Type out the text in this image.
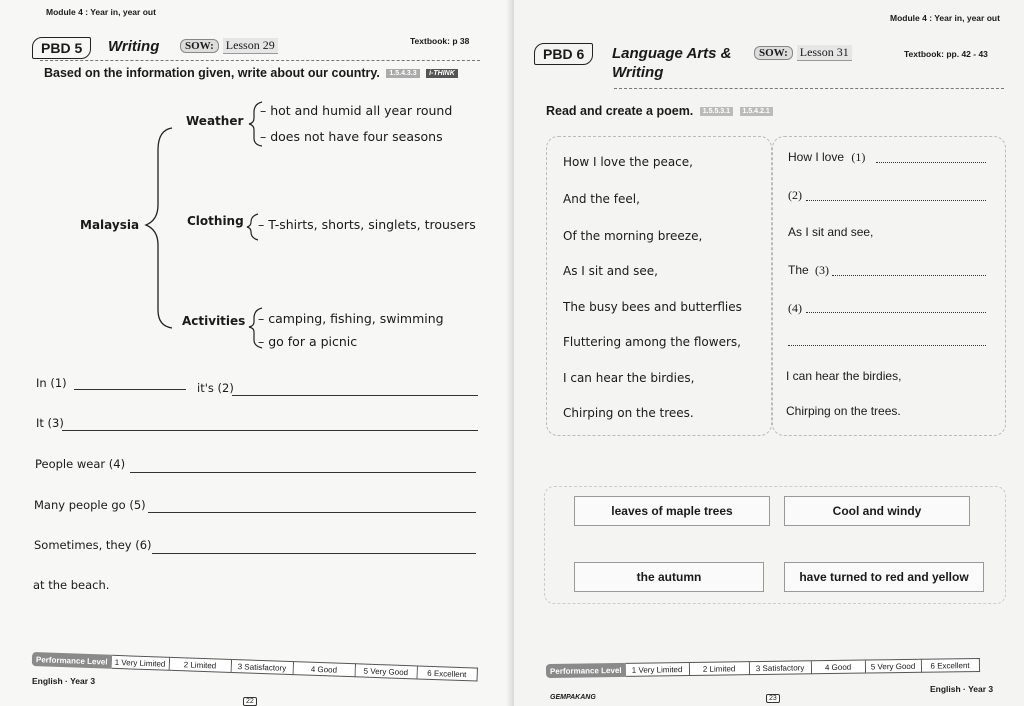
Module 4 : Year in, year out
PBD 5	Writing	SOW:	Lesson 29	Textbook: p 38
Based on the information given, write about our country. 1.5.4.3.3 i-THINK
Malaysia
Weather
– hot and humid all year round
– does not have four seasons
Clothing – T-shirts, shorts, singlets, trousers
Activities – camping, fishing, swimming
– go for a picnic
In (1)	it's (2)
It (3)
People wear (4)
Many people go (5)
Sometimes, they (6)
at the beach.
Performance Level 1 Very Limited	2 Limited	3 Satisfactory	4 Good	5 Very Good	6 Excellent
English · Year 3
22
Module 4 : Year in, year out
PBD 6	Language Arts &
Writing
SOW:	Lesson 31	Textbook: pp. 42 - 43
Read and create a poem. 1.5.5.3.1 1.5.4.2.1
How I love the peace,
And the feel,
Of the morning breeze,
As I sit and see,
The busy bees and butterflies
Fluttering among the flowers,
I can hear the birdies,
Chirping on the trees.
How I love (1)
(2)
As I sit and see,
The (3)
(4)
I can hear the birdies,
Chirping on the trees.
leaves of maple trees	Cool and windy
the autumn	have turned to red and yellow
Performance Level	1 Very Limited	2 Limited	3 Satisfactory	4 Good	5 Very Good	6 Excellent
GEMPAKANG	23
English · Year 3
